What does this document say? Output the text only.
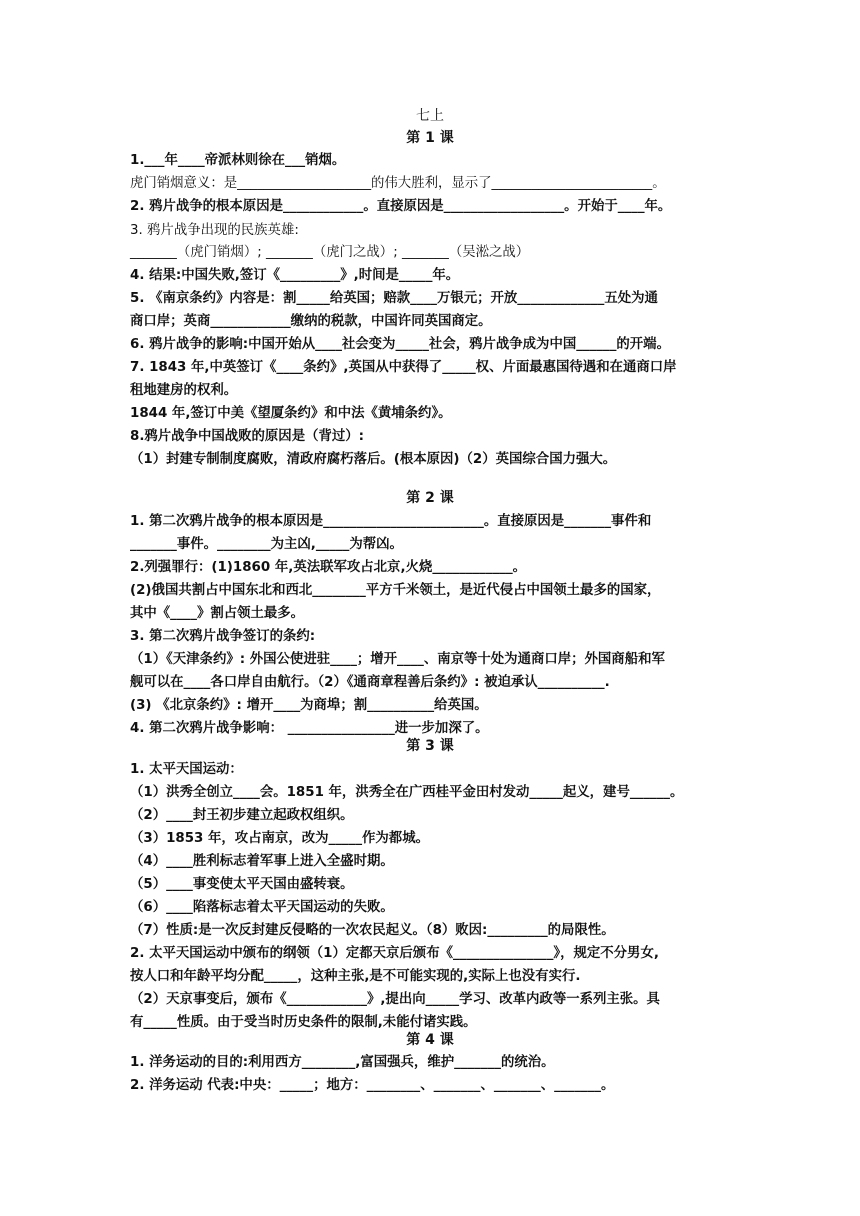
七上
第 1 课
1.___年____帝派林则徐在___销烟。
虎门销烟意义：是____________________的伟大胜利，显示了________________________。
2. 鸦片战争的根本原因是____________。直接原因是__________________。开始于____年。
3. 鸦片战争出现的民族英雄:
_______（虎门销烟）; _______（虎门之战）; _______（吴淞之战）
4. 结果:中国失败,签订《_________》,时间是_____年。
5. 《南京条约》内容是：割_____给英国；赔款____万银元；开放_____________五处为通
商口岸；英商____________缴纳的税款，中国许同英国商定。
6. 鸦片战争的影响:中国开始从____社会变为_____社会，鸦片战争成为中国______的开端。
7. 1843 年,中英签订《____条约》,英国从中获得了_____权、片面最惠国待遇和在通商口岸
租地建房的权利。
1844 年,签订中美《望厦条约》和中法《黄埔条约》。
8.鸦片战争中国战败的原因是（背过）:
（1）封建专制制度腐败，清政府腐朽落后。(根本原因)（2）英国综合国力强大。
第 2 课
1. 第二次鸦片战争的根本原因是________________________。直接原因是_______事件和
_______事件。________为主凶,_____为帮凶。
2.列强罪行：(1)1860 年,英法联军攻占北京,火烧____________。
(2)俄国共割占中国东北和西北________平方千米领土，是近代侵占中国领土最多的国家，
其中《____》割占领土最多。
3. 第二次鸦片战争签订的条约:
（1）《天津条约》: 外国公使进驻____；增开____、南京等十处为通商口岸；外国商船和军
舰可以在____各口岸自由航行。（2）《通商章程善后条约》: 被迫承认__________.
(3) 《北京条约》: 增开____为商埠；割__________给英国。
4. 第二次鸦片战争影响： ________________进一步加深了。
第 3 课
1. 太平天国运动：
（1）洪秀全创立____会。1851 年，洪秀全在广西桂平金田村发动_____起义，建号______。
（2）____封王初步建立起政权组织。
（3）1853 年，攻占南京，改为_____作为都城。
（4）____胜利标志着军事上进入全盛时期。
（5）____事变使太平天国由盛转衰。
（6）____陷落标志着太平天国运动的失败。
（7）性质:是一次反封建反侵略的一次农民起义。（8）败因:_________的局限性。
2. 太平天国运动中颁布的纲领（1）定都天京后颁布《_______________》，规定不分男女,
按人口和年龄平均分配_____，这种主张,是不可能实现的,实际上也没有实行.
（2）天京事变后，颁布《____________》,提出向_____学习、改革内政等一系列主张。具
有_____性质。由于受当时历史条件的限制,未能付诸实践。
第 4 课
1. 洋务运动的目的:利用西方________,富国强兵，维护_______的统治。
2. 洋务运动 代表:中央：_____；地方：________、_______、_______、_______。
